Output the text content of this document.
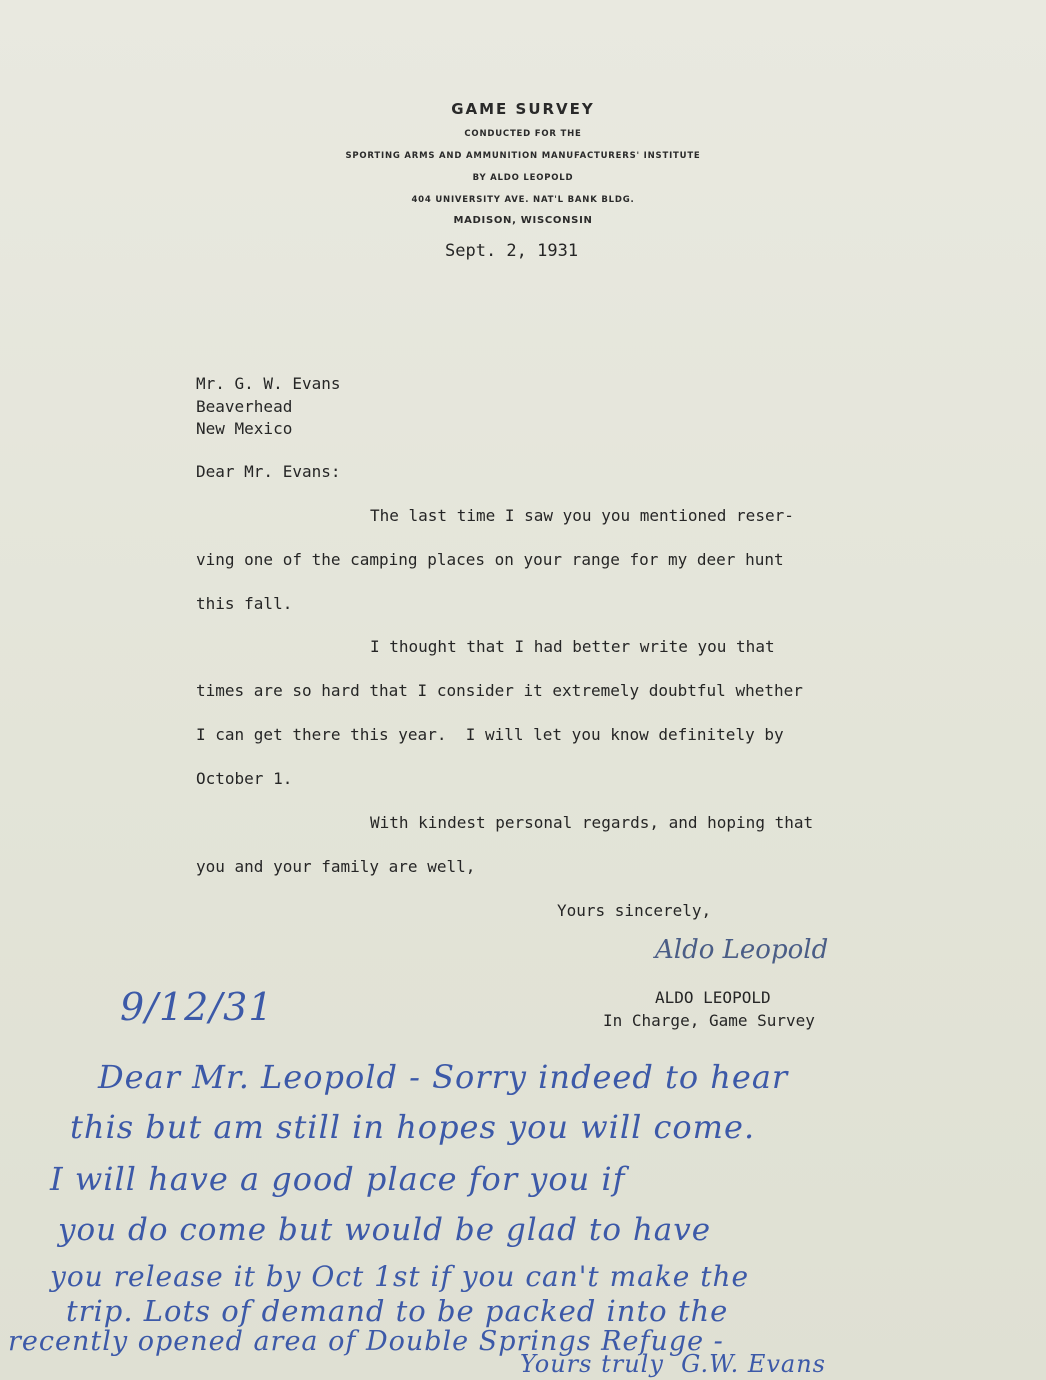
GAME SURVEY
CONDUCTED FOR THE
SPORTING ARMS AND AMMUNITION MANUFACTURERS' INSTITUTE
BY ALDO LEOPOLD
404 UNIVERSITY AVE. NAT'L BANK BLDG.
MADISON, WISCONSIN
Sept. 2, 1931
Mr. G. W. Evans
Beaverhead
New Mexico
Dear Mr. Evans:
The last time I saw you you mentioned reser-
ving one of the camping places on your range for my deer hunt
this fall.
I thought that I had better write you that
times are so hard that I consider it extremely doubtful whether
I can get there this year.  I will let you know definitely by
October 1.
With kindest personal regards, and hoping that
you and your family are well,
Yours sincerely,
Aldo Leopold
ALDO LEOPOLD
In Charge, Game Survey
9/12/31
Dear Mr. Leopold - Sorry indeed to hear
this but am still in hopes you will come.
I will have a good place for you if
you do come but would be glad to have
you release it by Oct 1st if you can't make the
trip. Lots of demand to be packed into the
recently opened area of Double Springs Refuge -
Yours truly  G.W. Evans
